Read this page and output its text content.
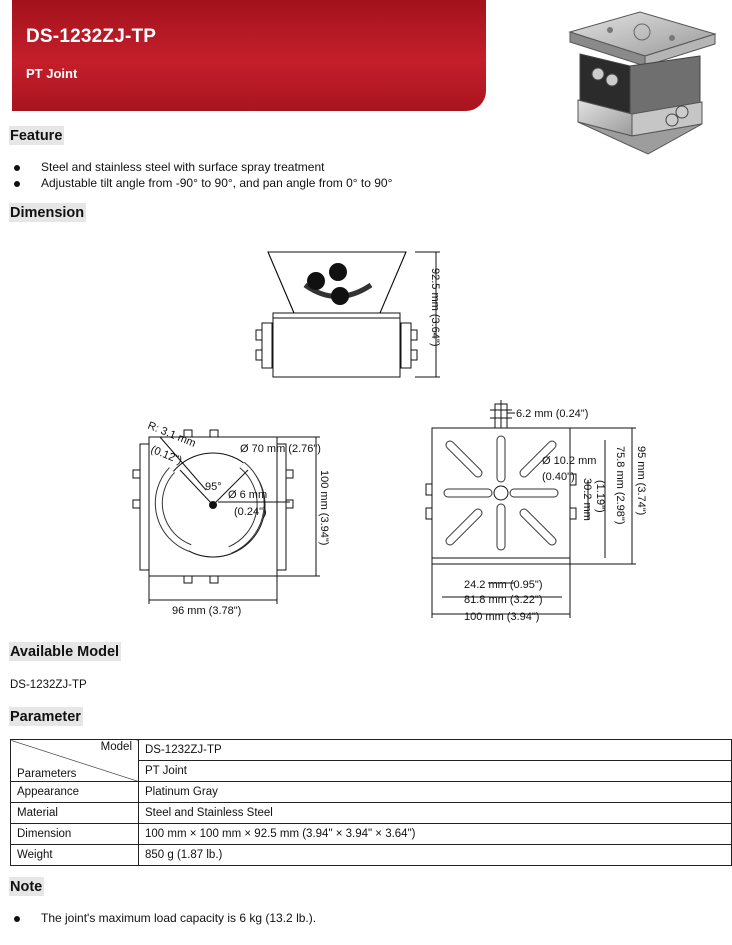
DS-1232ZJ-TP
PT Joint
Feature
Steel and stainless steel with surface spray treatment
Adjustable tilt angle from -90° to 90°, and pan angle from 0° to 90°
Dimension
92.5 mm (3.64")
R: 3.1 mm
(0.12")	Ø 70 mm (2.76")
95°
Ø 6 mm
(0.24")	100 mm (3.94")
96 mm (3.78")
6.2 mm (0.24")
Ø 10.2 mm
(0.40")
30.2 mm (1.19") 75.8 mm (2.98") 95 mm (3.74")
24.2 mm (0.95")
81.8 mm (3.22")
100 mm (3.94")
Available Model
DS-1232ZJ-TP
Parameter
Model
Parameters	DS-1232ZJ-TP
	PT Joint
Appearance	Platinum Gray
Material	Steel and Stainless Steel
Dimension	100 mm × 100 mm × 92.5 mm (3.94" × 3.94" × 3.64")
Weight	850 g (1.87 lb.)
Note
The joint's maximum load capacity is 6 kg (13.2 lb.).
